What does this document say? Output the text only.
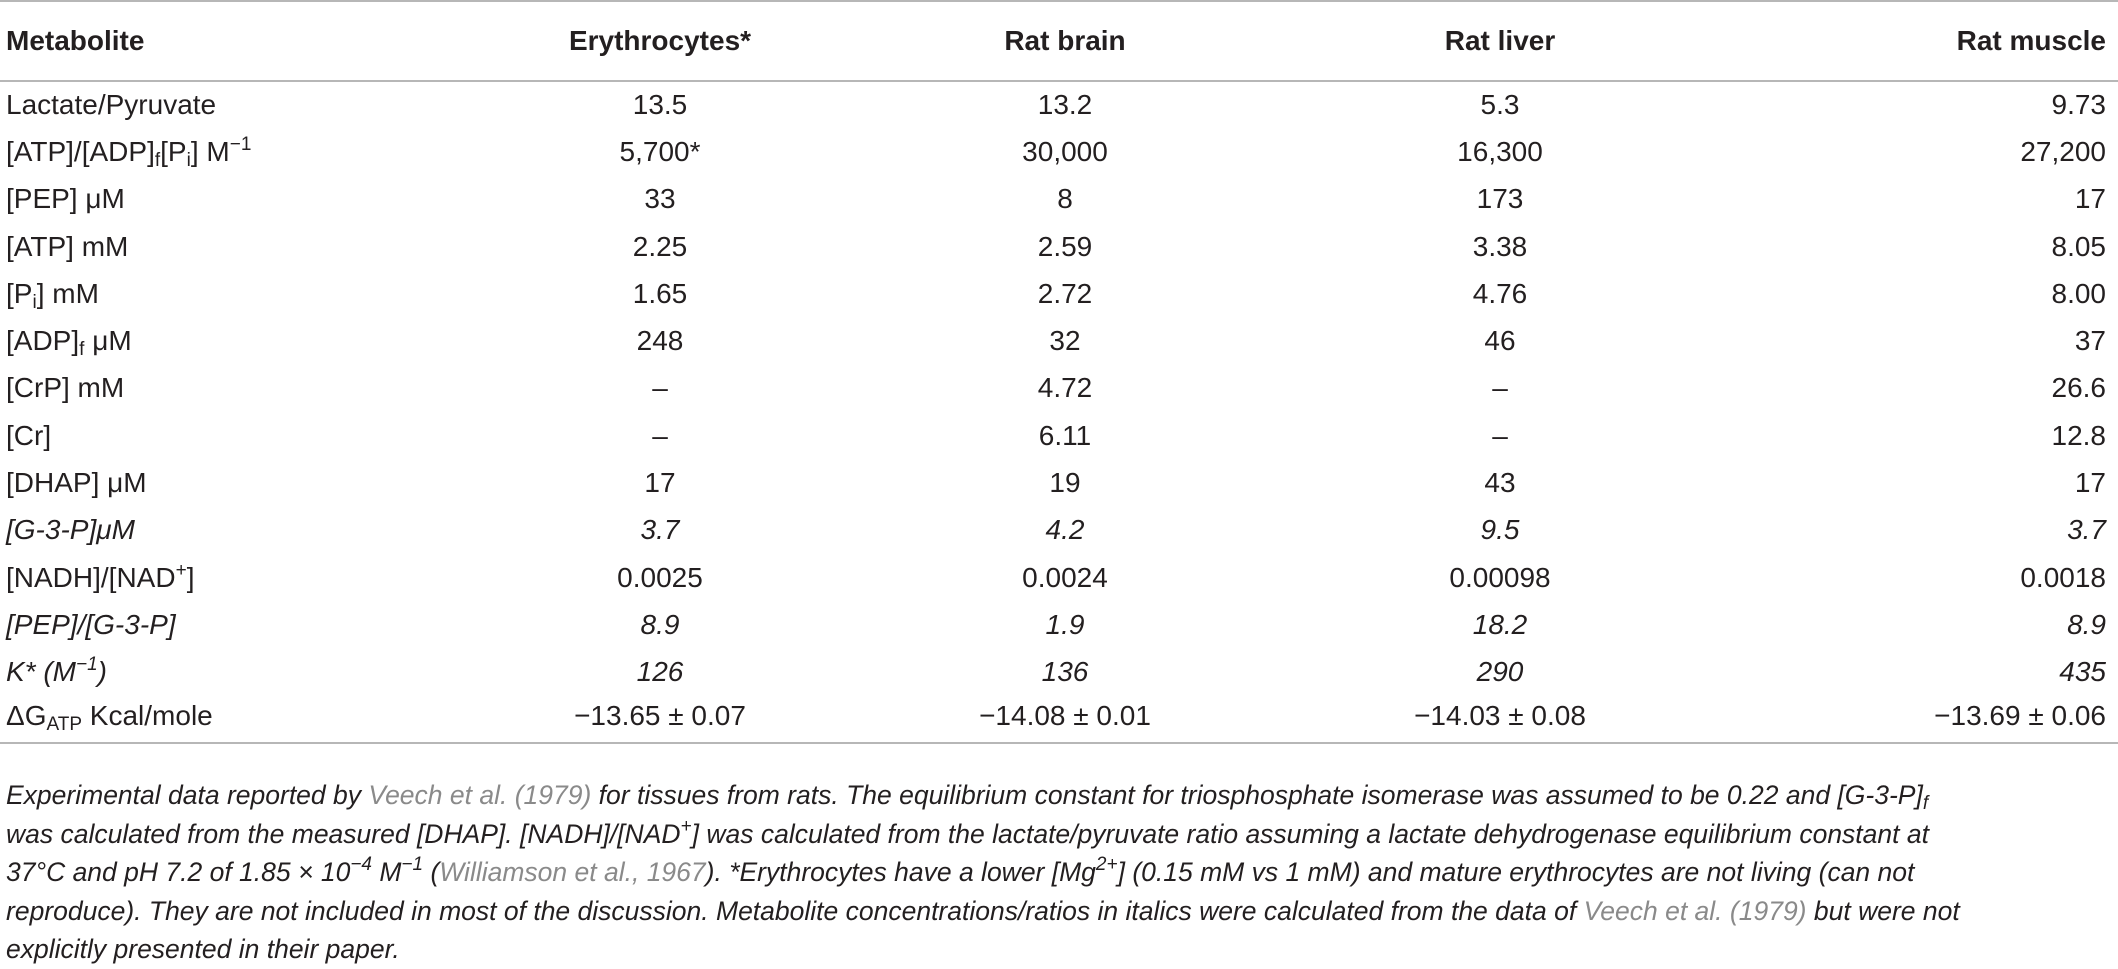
Metabolite	Erythrocytes*	Rat brain	Rat liver	Rat muscle
Lactate/Pyruvate	13.5	13.2	5.3	9.73
$[ATP]/[ADP]_f[P_i]$ $M^{-1}$	5,700*	30,000	16,300	27,200
[PEP] μM	33	8	173	17
[ATP] mM	2.25	2.59	3.38	8.05
$[P_i]$ mM	1.65	2.72	4.76	8.00
$[ADP]_f$ μM	248	32	46	37
[CrP] mM	–	4.72	–	26.6
[Cr]	–	6.11	–	12.8
[DHAP] μM	17	19	43	17
[G-3-P]μM	3.7	4.2	9.5	3.7
[NADH]/[NAD+]	0.0025	0.0024	0.00098	0.0018
[PEP]/[G-3-P]	8.9	1.9	18.2	8.9
K* $(M^{-1})$	126	136	290	435
$\Delta G_{ATP}$ Kcal/mole	−13.65 ± 0.07	−14.08 ± 0.01	−14.03 ± 0.08	−13.69 ± 0.06
Experimental data reported by Veech et al. (1979) for tissues from rats. The equilibrium constant for triosphosphate isomerase was assumed to be 0.22 and $[G-3-P]_f$
was calculated from the measured [DHAP]. [NADH]/[NAD+] was calculated from the lactate/pyruvate ratio assuming a lactate dehydrogenase equilibrium constant at
37°C and pH 7.2 of $1.85 \times 10^{-4}$ $M^{-1}$ (Williamson et al., 1967). *Erythrocytes have a lower $[Mg^{2+}]$ (0.15 mM vs 1 mM) and mature erythrocytes are not living (can not
reproduce). They are not included in most of the discussion. Metabolite concentrations/ratios in italics were calculated from the data of Veech et al. (1979) but were not
explicitly presented in their paper.
